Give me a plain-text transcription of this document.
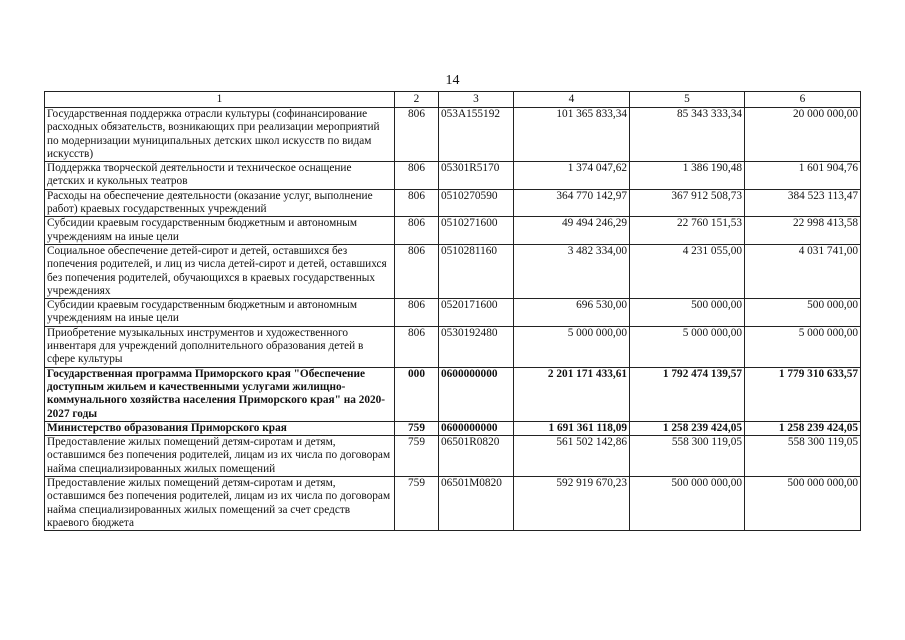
14
1	2	3	4	5	6
Государственная поддержка отрасли культуры (софинансирование расходных обязательств, возникающих при реализации мероприятий по модернизации муниципальных детских школ искусств по видам искусств)	806	053A155192	101 365 833,34	85 343 333,34	20 000 000,00
Поддержка творческой деятельности и техническое оснащение детских и кукольных театров	806	05301R5170	1 374 047,62	1 386 190,48	1 601 904,76
Расходы на обеспечение деятельности (оказание услуг, выполнение работ) краевых государственных учреждений	806	0510270590	364 770 142,97	367 912 508,73	384 523 113,47
Субсидии краевым государственным бюджетным и автономным учреждениям на иные цели	806	0510271600	49 494 246,29	22 760 151,53	22 998 413,58
Социальное обеспечение детей-сирот и детей, оставшихся без попечения родителей, и лиц из числа детей-сирот и детей, оставшихся без попечения родителей, обучающихся в краевых государственных учреждениях	806	0510281160	3 482 334,00	4 231 055,00	4 031 741,00
Субсидии краевым государственным бюджетным и автономным учреждениям на иные цели	806	0520171600	696 530,00	500 000,00	500 000,00
Приобретение музыкальных инструментов и художественного инвентаря для учреждений дополнительного образования детей в сфере культуры	806	0530192480	5 000 000,00	5 000 000,00	5 000 000,00
Государственная программа Приморского края "Обеспечение доступным жильем и качественными услугами жилищно-коммунального хозяйства населения Приморского края" на 2020-2027 годы	000	0600000000	2 201 171 433,61	1 792 474 139,57	1 779 310 633,57
Министерство образования Приморского края	759	0600000000	1 691 361 118,09	1 258 239 424,05	1 258 239 424,05
Предоставление жилых помещений детям-сиротам и детям, оставшимся без попечения родителей, лицам из их числа по договорам найма специализированных жилых помещений	759	06501R0820	561 502 142,86	558 300 119,05	558 300 119,05
Предоставление жилых помещений детям-сиротам и детям, оставшимся без попечения родителей, лицам из их числа по договорам найма специализированных жилых помещений за счет средств краевого бюджета	759	06501M0820	592 919 670,23	500 000 000,00	500 000 000,00
